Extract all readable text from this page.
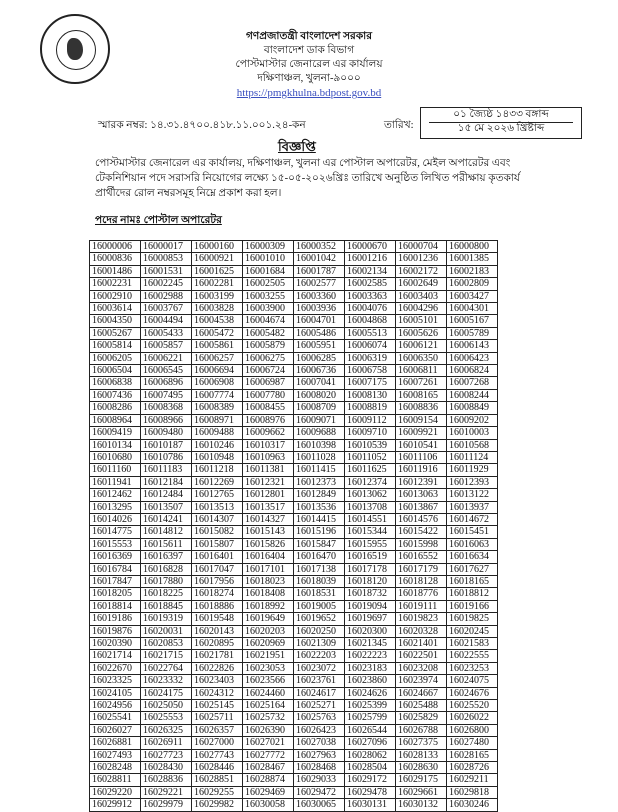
গণপ্রজাতন্ত্রী বাংলাদেশ সরকার
বাংলাদেশ ডাক বিভাগ
পোস্টমাস্টার জেনারেল এর কার্যালয়
দক্ষিণাঞ্চল, খুলনা-৯০০০
https://pmgkhulna.bdpost.gov.bd
স্মারক নম্বর: ১৪.৩১.৪৭০০.৪১৮.১১.০০১.২৪-কন	তারিখ:
০১ জ্যৈষ্ঠ ১৪৩৩ বঙ্গাব্দ
১৫ মে ২০২৬ খ্রিষ্টাব্দ
বিজ্ঞপ্তি
পোস্টমাস্টার জেনারেল এর কার্যালয়, দক্ষিণাঞ্চল, খুলনা এর পোস্টাল অপারেটর, মেইল অপারেটর এবং টেকনিশিয়ান পদে সরাসরি নিয়োগের লক্ষ্যে ১৫-০৫-২০২৬খ্রিঃ তারিখে অনুষ্ঠিত লিখিত পরীক্ষায় কৃতকার্য প্রার্থীদের রোল নম্বরসমূহ নিম্নে প্রকাশ করা হল।
পদের নামঃ পোস্টাল অপারেটর
16000006	16000017	16000160	16000309	16000352	16000670	16000704	16000800
16000836	16000853	16000921	16001010	16001042	16001216	16001236	16001385
16001486	16001531	16001625	16001684	16001787	16002134	16002172	16002183
16002231	16002245	16002281	16002505	16002577	16002585	16002649	16002809
16002910	16002988	16003199	16003255	16003360	16003363	16003403	16003427
16003614	16003767	16003828	16003900	16003936	16004076	16004296	16004301
16004350	16004494	16004538	16004674	16004701	16004868	16005101	16005167
16005267	16005433	16005472	16005482	16005486	16005513	16005626	16005789
16005814	16005857	16005861	16005879	16005951	16006074	16006121	16006143
16006205	16006221	16006257	16006275	16006285	16006319	16006350	16006423
16006504	16006545	16006694	16006724	16006736	16006758	16006811	16006824
16006838	16006896	16006908	16006987	16007041	16007175	16007261	16007268
16007436	16007495	16007774	16007780	16008020	16008130	16008165	16008244
16008286	16008368	16008389	16008455	16008709	16008819	16008836	16008849
16008964	16008966	16008971	16008976	16009071	16009112	16009154	16009202
16009419	16009480	16009488	16009662	16009688	16009710	16009921	16010003
16010134	16010187	16010246	16010317	16010398	16010539	16010541	16010568
16010680	16010786	16010948	16010963	16011028	16011052	16011106	16011124
16011160	16011183	16011218	16011381	16011415	16011625	16011916	16011929
16011941	16012184	16012269	16012321	16012373	16012374	16012391	16012393
16012462	16012484	16012765	16012801	16012849	16013062	16013063	16013122
16013295	16013507	16013513	16013517	16013536	16013708	16013867	16013937
16014026	16014241	16014307	16014327	16014415	16014551	16014576	16014672
16014775	16014812	16015082	16015143	16015196	16015344	16015422	16015451
16015553	16015611	16015807	16015826	16015847	16015955	16015998	16016063
16016369	16016397	16016401	16016404	16016470	16016519	16016552	16016634
16016784	16016828	16017047	16017101	16017138	16017178	16017179	16017627
16017847	16017880	16017956	16018023	16018039	16018120	16018128	16018165
16018205	16018225	16018274	16018408	16018531	16018732	16018776	16018812
16018814	16018845	16018886	16018992	16019005	16019094	16019111	16019166
16019186	16019319	16019548	16019649	16019652	16019697	16019823	16019825
16019876	16020031	16020143	16020203	16020250	16020300	16020328	16020245
16020390	16020853	16020895	16020969	16021309	16021345	16021401	16021583
16021714	16021715	16021781	16021951	16022203	16022223	16022501	16022555
16022670	16022764	16022826	16023053	16023072	16023183	16023208	16023253
16023325	16023332	16023403	16023566	16023761	16023860	16023974	16024075
16024105	16024175	16024312	16024460	16024617	16024626	16024667	16024676
16024956	16025050	16025145	16025164	16025271	16025399	16025488	16025520
16025541	16025553	16025711	16025732	16025763	16025799	16025829	16026022
16026027	16026325	16026357	16026390	16026423	16026544	16026788	16026800
16026881	16026911	16027000	16027021	16027038	16027096	16027375	16027480
16027493	16027723	16027743	16027772	16027963	16028062	16028133	16028165
16028248	16028430	16028446	16028467	16028468	16028504	16028630	16028726
16028811	16028836	16028851	16028874	16029033	16029172	16029175	16029211
16029220	16029221	16029255	16029469	16029472	16029478	16029661	16029818
16029912	16029979	16029982	16030058	16030065	16030131	16030132	16030246
